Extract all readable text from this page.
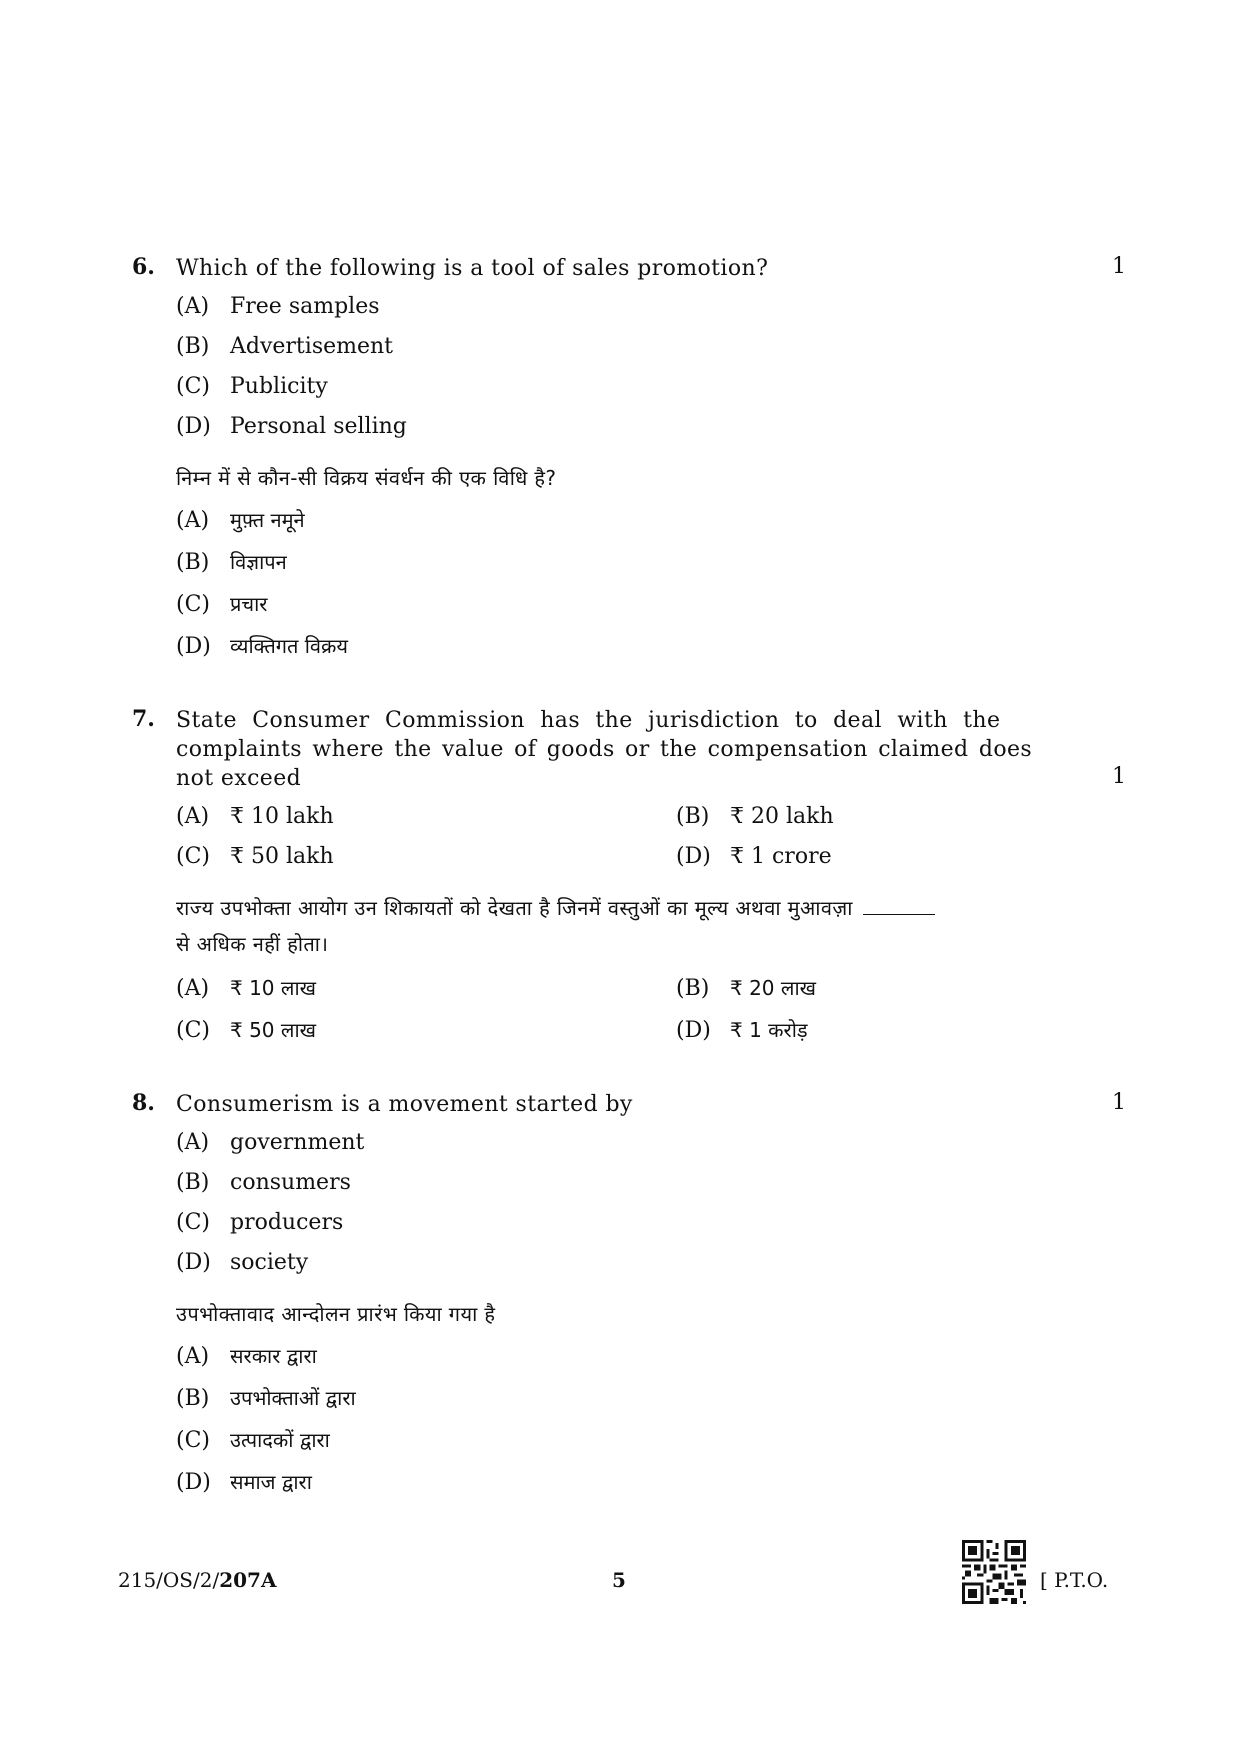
6. Which of the following is a tool of sales promotion?	1
(A) Free samples
(B) Advertisement
(C) Publicity
(D) Personal selling
निम्न में से कौन-सी विक्रय संवर्धन की एक विधि है?
(A) मुफ़्त नमूने
(B) विज्ञापन
(C) प्रचार
(D) व्यक्तिगत विक्रय
7. State Consumer Commission has the jurisdiction to deal with the
complaints where the value of goods or the compensation claimed does
not exceed	1
(A) ₹ 10 lakh	(B) ₹ 20 lakh
(C) ₹ 50 lakh	(D) ₹ 1 crore
राज्य उपभोक्ता आयोग उन शिकायतों को देखता है जिनमें वस्तुओं का मूल्य अथवा मुआवज़ा
से अधिक नहीं होता।
(A) ₹ 10 लाख	(B) ₹ 20 लाख
(C) ₹ 50 लाख	(D) ₹ 1 करोड़
8. Consumerism is a movement started by	1
(A) government
(B) consumers
(C) producers
(D) society
उपभोक्तावाद आन्दोलन प्रारंभ किया गया है
(A) सरकार द्वारा
(B) उपभोक्ताओं द्वारा
(C) उत्पादकों द्वारा
(D) समाज द्वारा
215/OS/2/207A	5	[ P.T.O.
